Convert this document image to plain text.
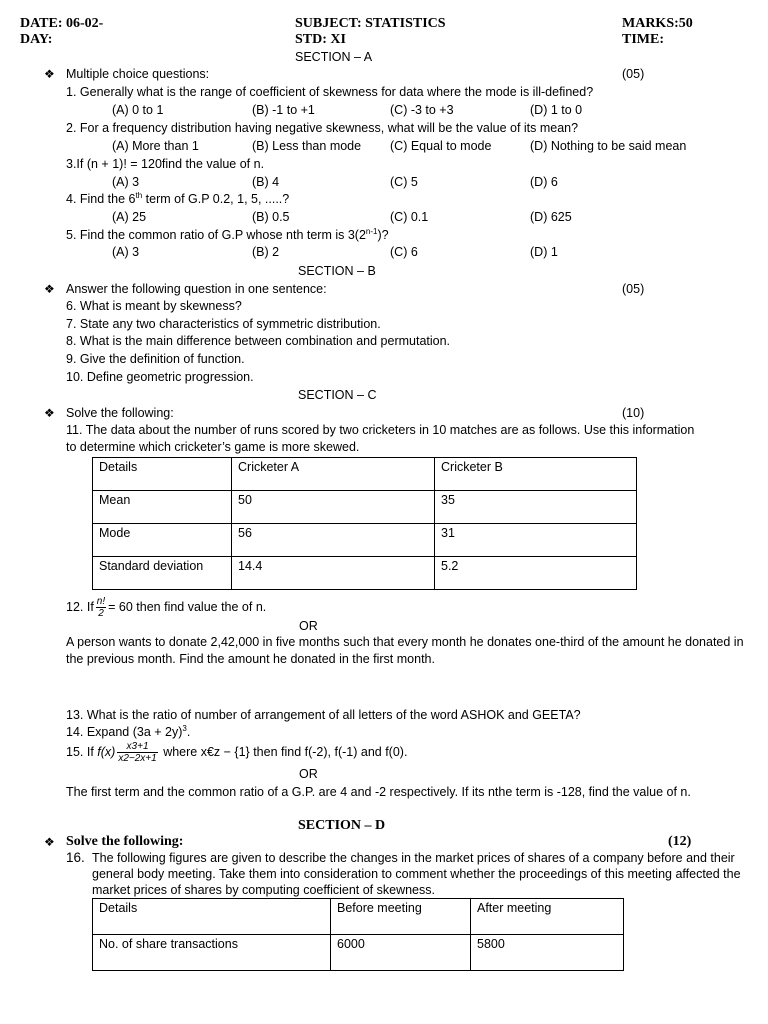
DATE: 06-02-
DAY:
SUBJECT: STATISTICS
STD: XI
MARKS:50
TIME:
SECTION – A
❖ Multiple choice questions:	(05)
1. Generally what is the range of coefficient of skewness for data where the mode is ill-defined?
(A) 0 to 1	(B) -1 to +1	(C) -3 to +3	(D) 1 to 0
2. For a frequency distribution having negative skewness, what will be the value of its mean?
(A) More than 1	(B) Less than mode (C) Equal to mode	(D) Nothing to be said mean
3.If (n + 1)! = 120find the value of n.
(A) 3	(B) 4	(C) 5	(D) 6
4. Find the 6th term of G.P 0.2, 1, 5, .....?
(A) 25	(B) 0.5	(C) 0.1	(D) 625
5. Find the common ratio of G.P whose nth term is 3(2$^{n-1}$)?
(A) 3	(B) 2	(C) 6	(D) 1
SECTION – B
❖ Answer the following question in one sentence:	(05)
6. What is meant by skewness?
7. State any two characteristics of symmetric distribution.
8. What is the main difference between combination and permutation.
9. Give the definition of function.
10. Define geometric progression.
SECTION – C
❖ Solve the following:	(10)
11. The data about the number of runs scored by two cricketers in 10 matches are as follows. Use this information to determine which cricketer’s game is more skewed.
Details	Cricketer A	Cricketer B
Mean	50	35
Mode	56	31
Standard deviation	14.4	5.2
12. If $\frac{n!}{2} = 60$ then find value the of n.
OR
A person wants to donate 2,42,000 in five months such that every month he donates one-third of the amount he donated in the previous month. Find the amount he donated in the first month.
13. What is the ratio of number of arrangement of all letters of the word ASHOK and GEETA?
14. Expand $(3a + 2y)^3$.
15. If $f(x) \frac{x3+1}{x2-2x+1}$ where x€z − {1} then find f(-2), f(-1) and f(0).
OR
The first term and the common ratio of a G.P. are 4 and -2 respectively. If its nthe term is -128, find the value of n.
SECTION – D
❖ Solve the following:	(12)
16. The following figures are given to describe the changes in the market prices of shares of a company before and their general body meeting. Take them into consideration to comment whether the proceedings of this meeting affected the market prices of shares by computing coefficient of skewness.
Details	Before meeting	After meeting
No. of share transactions	6000	5800
